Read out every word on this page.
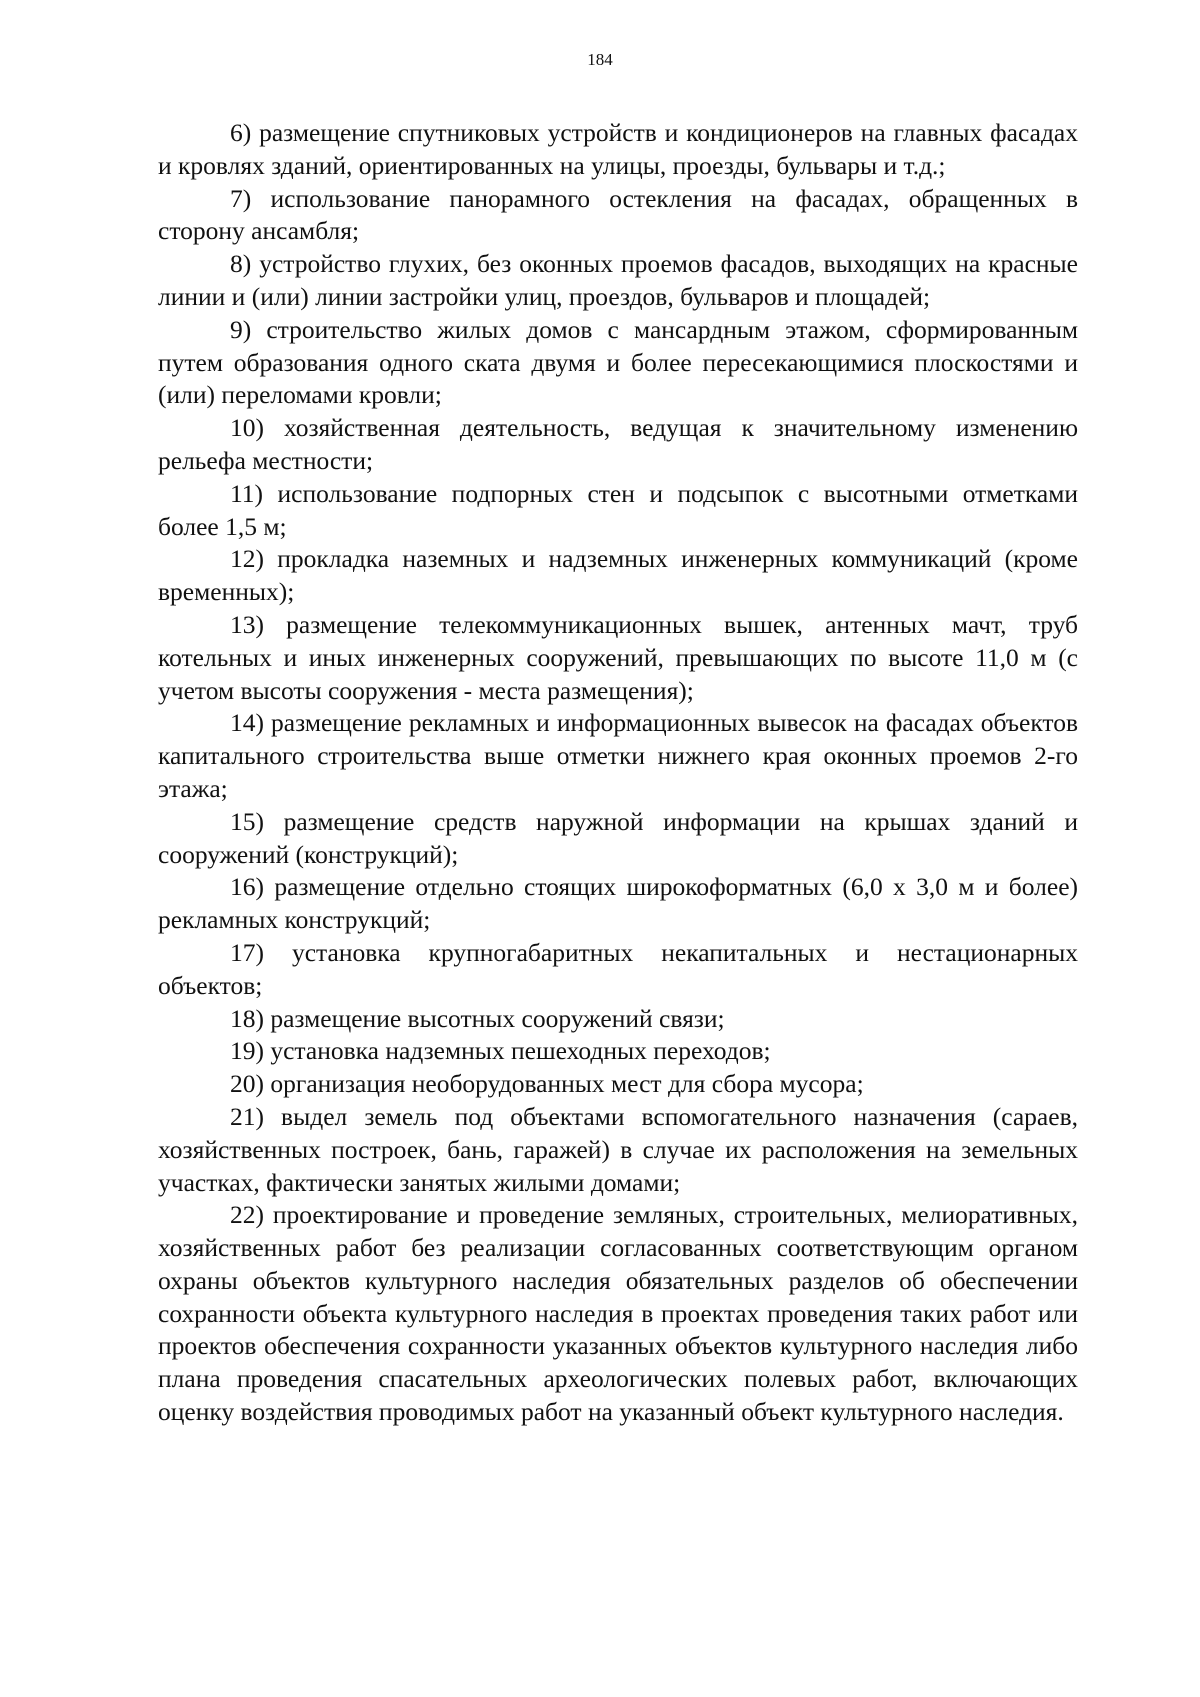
184

6) размещение спутниковых устройств и кондиционеров на главных фасадах и кровлях зданий, ориентированных на улицы, проезды, бульвары и т.д.;

7) использование панорамного остекления на фасадах, обращенных в сторону ансамбля;

8) устройство глухих, без оконных проемов фасадов, выходящих на красные линии и (или) линии застройки улиц, проездов, бульваров и площадей;

9) строительство жилых домов с мансардным этажом, сформированным путем образования одного ската двумя и более пересекающимися плоскостями и (или) переломами кровли;

10) хозяйственная деятельность, ведущая к значительному изменению рельефа местности;

11) использование подпорных стен и подсыпок с высотными отметками более 1,5 м;

12) прокладка наземных и надземных инженерных коммуникаций (кроме временных);

13) размещение телекоммуникационных вышек, антенных мачт, труб котельных и иных инженерных сооружений, превышающих по высоте 11,0 м (с учетом высоты сооружения - места размещения);

14) размещение рекламных и информационных вывесок на фасадах объектов капитального строительства выше отметки нижнего края оконных проемов 2-го этажа;

15) размещение средств наружной информации на крышах зданий и сооружений (конструкций);

16) размещение отдельно стоящих широкоформатных (6,0 х 3,0 м и более) рекламных конструкций;

17) установка крупногабаритных некапитальных и нестационарных объектов;

18) размещение высотных сооружений связи;

19) установка надземных пешеходных переходов;

20) организация необорудованных мест для сбора мусора;

21) выдел земель под объектами вспомогательного назначения (сараев, хозяйственных построек, бань, гаражей) в случае их расположения на земельных участках, фактически занятых жилыми домами;

22) проектирование и проведение земляных, строительных, мелиоративных, хозяйственных работ без реализации согласованных соответствующим органом охраны объектов культурного наследия обязательных разделов об обеспечении сохранности объекта культурного наследия в проектах проведения таких работ или проектов обеспечения сохранности указанных объектов культурного наследия либо плана проведения спасательных археологических полевых работ, включающих оценку воздействия проводимых работ на указанный объект культурного наследия.
